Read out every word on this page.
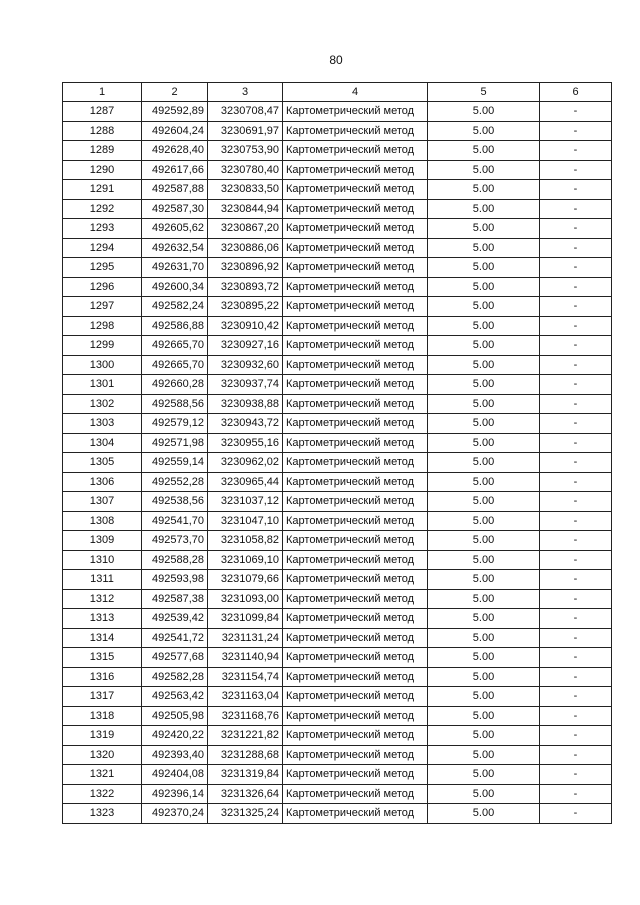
80
1	2	3	4	5	6
1287	492592,89	3230708,47	Картометрический метод	5.00	-
1288	492604,24	3230691,97	Картометрический метод	5.00	-
1289	492628,40	3230753,90	Картометрический метод	5.00	-
1290	492617,66	3230780,40	Картометрический метод	5.00	-
1291	492587,88	3230833,50	Картометрический метод	5.00	-
1292	492587,30	3230844,94	Картометрический метод	5.00	-
1293	492605,62	3230867,20	Картометрический метод	5.00	-
1294	492632,54	3230886,06	Картометрический метод	5.00	-
1295	492631,70	3230896,92	Картометрический метод	5.00	-
1296	492600,34	3230893,72	Картометрический метод	5.00	-
1297	492582,24	3230895,22	Картометрический метод	5.00	-
1298	492586,88	3230910,42	Картометрический метод	5.00	-
1299	492665,70	3230927,16	Картометрический метод	5.00	-
1300	492665,70	3230932,60	Картометрический метод	5.00	-
1301	492660,28	3230937,74	Картометрический метод	5.00	-
1302	492588,56	3230938,88	Картометрический метод	5.00	-
1303	492579,12	3230943,72	Картометрический метод	5.00	-
1304	492571,98	3230955,16	Картометрический метод	5.00	-
1305	492559,14	3230962,02	Картометрический метод	5.00	-
1306	492552,28	3230965,44	Картометрический метод	5.00	-
1307	492538,56	3231037,12	Картометрический метод	5.00	-
1308	492541,70	3231047,10	Картометрический метод	5.00	-
1309	492573,70	3231058,82	Картометрический метод	5.00	-
1310	492588,28	3231069,10	Картометрический метод	5.00	-
1311	492593,98	3231079,66	Картометрический метод	5.00	-
1312	492587,38	3231093,00	Картометрический метод	5.00	-
1313	492539,42	3231099,84	Картометрический метод	5.00	-
1314	492541,72	3231131,24	Картометрический метод	5.00	-
1315	492577,68	3231140,94	Картометрический метод	5.00	-
1316	492582,28	3231154,74	Картометрический метод	5.00	-
1317	492563,42	3231163,04	Картометрический метод	5.00	-
1318	492505,98	3231168,76	Картометрический метод	5.00	-
1319	492420,22	3231221,82	Картометрический метод	5.00	-
1320	492393,40	3231288,68	Картометрический метод	5.00	-
1321	492404,08	3231319,84	Картометрический метод	5.00	-
1322	492396,14	3231326,64	Картометрический метод	5.00	-
1323	492370,24	3231325,24	Картометрический метод	5.00	-
